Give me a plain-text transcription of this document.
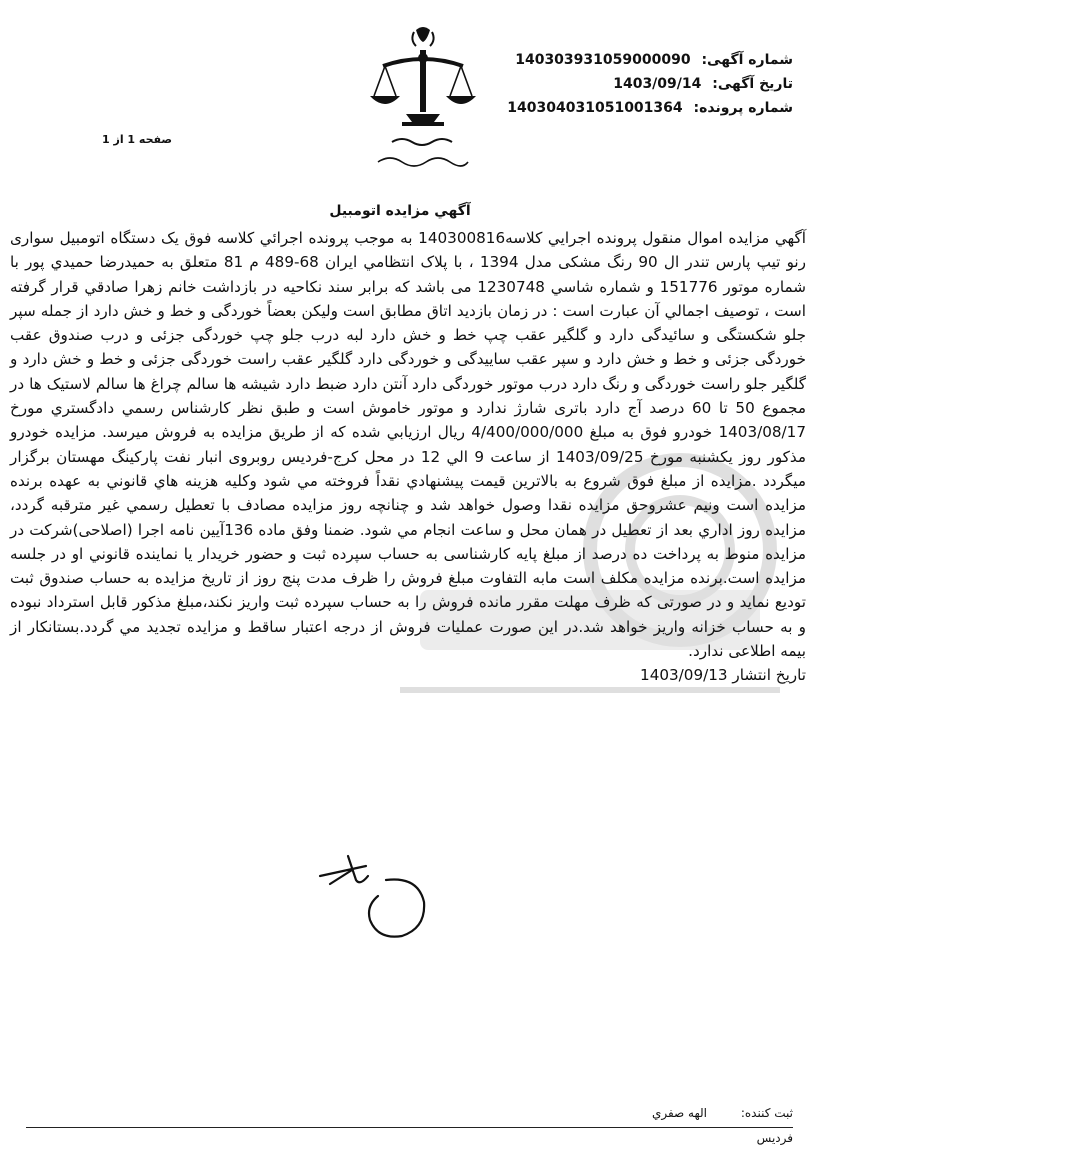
شماره آگهی: 140303931059000090
تاريخ آگهی: 1403/09/14
شماره پرونده: 140304031051001364
صفحه 1 از 1
آگهي مزايده اتومبيل

آگهي مزايده اموال منقول پرونده اجرايي كلاسه140300816 به موجب پرونده اجرائي کلاسه فوق يک دستگاه اتومبيل سواری رنو تيپ پارس تندر ال 90 رنگ مشکی مدل 1394 ، با پلاک انتظامي ايران 68-489 م 81 متعلق به حميدرضا حميدي پور با شماره موتور 151776 و شماره شاسي 1230748 می باشد که برابر سند نکاحيه در بازداشت خانم زهرا صادقي قرار گرفته است ، توصيف اجمالي آن عبارت است : در زمان بازديد اتاق مطابق است وليکن بعضاً خوردگی و خط و خش دارد از جمله سپر جلو شکستگی و سائيدگی دارد و گلگير عقب چپ خط و خش دارد لبه درب جلو چپ خوردگی جزئی و درب صندوق عقب خوردگی جزئی و خط و خش دارد و سپر عقب ساييدگی و خوردگی دارد گلگير عقب راست خوردگی جزئی و خط و خش دارد و گلگير جلو راست خوردگی و رنگ دارد درب موتور خوردگی دارد آنتن دارد ضبط دارد شيشه ها سالم چراغ ها سالم لاستيک ها در مجموع 50 تا 60 درصد آج دارد باتری شارژ ندارد و موتور خاموش است و طبق نظر کارشناس رسمي دادگستري مورخ 1403/08/17 خودرو فوق به مبلغ 4/400/000/000 ريال ارزيابي شده که از طريق مزايده به فروش ميرسد. مزايده خودرو مذکور روز يکشنبه مورخ 1403/09/25 از ساعت 9 الي 12 در محل کرج-فرديس روبروی انبار نفت پارکينگ مهستان برگزار ميگردد .مزايده از مبلغ فوق شروع به بالاترين قيمت پيشنهادي نقداً فروخته مي شود وكليه هزينه هاي قانوني به عهده برنده مزايده است ونيم عشروحق مزايده نقدا وصول خواهد شد و چنانچه روز مزايده مصادف با تعطيل رسمي غير مترقبه گردد، مزايده روز اداري بعد از تعطيل در همان محل و ساعت انجام مي شود. ضمنا وفق ماده 136آيين نامه اجرا (اصلاحی)شرکت در مزايده منوط به پرداخت ده درصد از مبلغ پايه کارشناسی به حساب سپرده ثبت و حضور خريدار يا نماينده قانوني او در جلسه مزايده است.برنده مزايده مکلف است مابه التفاوت مبلغ فروش را ظرف مدت پنج روز از تاريخ مزايده به حساب صندوق ثبت توديع نمايد و در صورتی كه ظرف مهلت مقرر مانده فروش را به حساب سپرده ثبت واريز نكند،مبلغ مذکور قابل استرداد نبوده و به حساب خزانه واريز خواهد شد.در اين صورت عمليات فروش از درجه اعتبار ساقط و مزايده تجديد مي گردد.بستانكار از بيمه اطلاعی ندارد.

تاريخ انتشار 1403/09/13

ثبت كننده: الهه صفري
فرديس
